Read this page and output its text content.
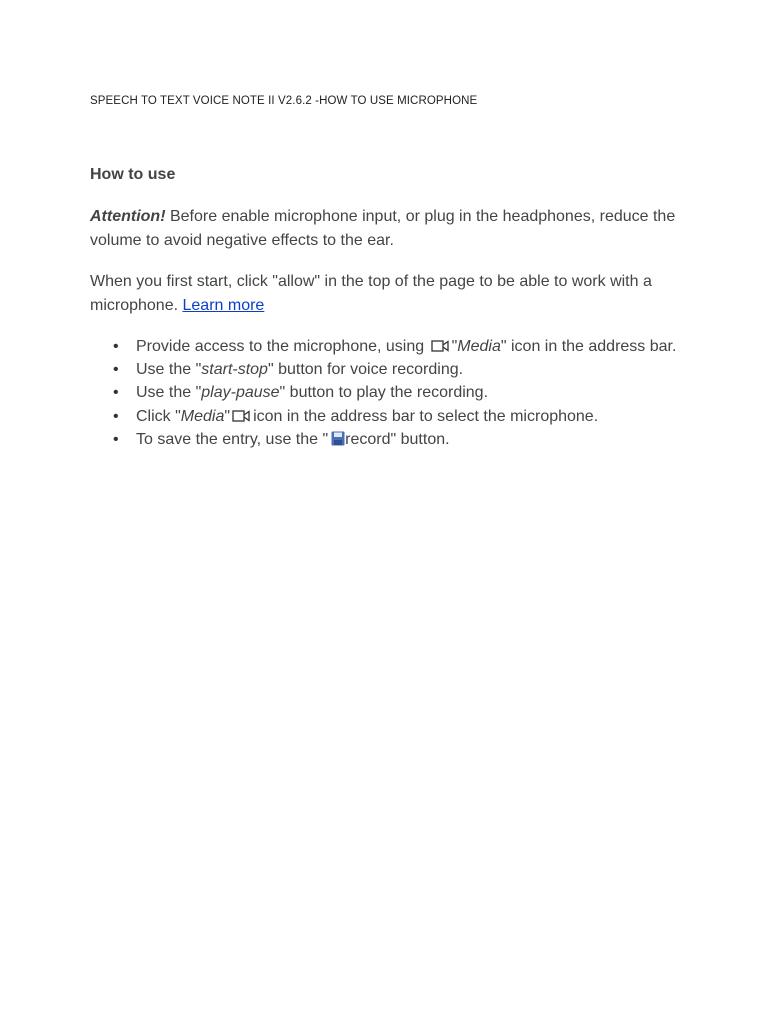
SPEECH TO TEXT VOICE NOTE II V2.6.2 -HOW TO USE MICROPHONE
How to use
Attention! Before enable microphone input, or plug in the headphones, reduce the volume to avoid negative effects to the ear.
When you first start, click "allow" in the top of the page to be able to work with a microphone. Learn more
• Provide access to the microphone, using "Media" icon in the address bar.
• Use the "start-stop" button for voice recording.
• Use the "play-pause" button to play the recording.
• Click "Media" icon in the address bar to select the microphone.
• To save the entry, use the " record" button.
